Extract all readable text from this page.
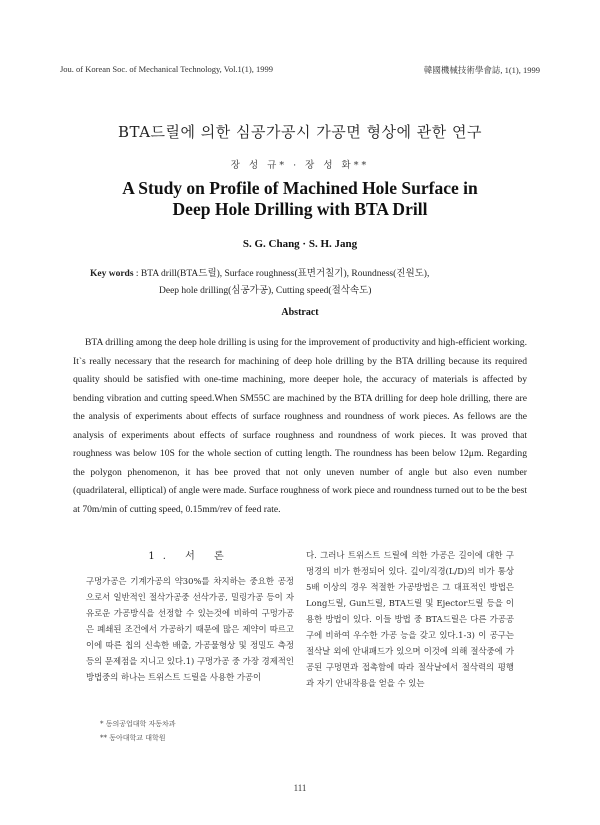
Jou. of Korean Soc. of Mechanical Technology, Vol.1(1), 1999	韓國機械技術學會誌, 1(1), 1999
BTA드릴에 의한 심공가공시 가공면 형상에 관한 연구
장 성 규* · 장 성 화**
A Study on Profile of Machined Hole Surface in
Deep Hole Drilling with BTA Drill
S. G. Chang · S. H. Jang
Key words : BTA drill(BTA드릴), Surface roughness(표면거칠기), Roundness(진원도),
Deep hole drilling(심공가공), Cutting speed(절삭속도)
Abstract

BTA drilling among the deep hole drilling is using for the improvement of productivity and high-efficient working. It`s really necessary that the research for machining of deep hole drilling by the BTA drilling because its required quality should be satisfied with one-time machining, more deeper hole, the accuracy of materials is affected by bending vibration and cutting speed.When SM55C are machined by the BTA drilling for deep hole drilling, there are the analysis of experiments about effects of surface roughness and roundness of work pieces. As fellows are the analysis of experiments about effects of surface roughness and roundness of work pieces. It was proved that roughness was below 10S for the whole section of cutting length. The roundness has been below 12μm. Regarding the polygon phenomenon, it has bee proved that not only uneven number of angle but also even number (quadrilateral, elliptical) of angle were made. Surface roughness of work piece and roundness turned out to be the best at 70m/min of cutting speed, 0.15mm/rev of feed rate.

1. 서 론

구멍가공은 기계가공의 약30%를 차지하는 중요한 공정으로서 일반적인 절삭가공중 선삭가공, 밀링가공 등이 자유로운 가공방식을 선정할 수 있는것에 비하여 구멍가공은 폐쇄된 조건에서 가공하기 때문에 많은 제약이 따르고 이에 따른 칩의 신속한 배출, 가공물형상 및 정밀도 측정등의 문제점을 지니고 있다.1) 구멍가공 중 가장 경제적인 방법중의 하나는 트위스트 드릴을 사용한 가공이

다. 그러나 트위스트 드릴에 의한 가공은 길이에 대한 구멍경의 비가 한정되어 있다. 깊이/직경(L/D)의 비가 통상 5배 이상의 경우 적절한 가공방법은 그 대표적인 방법은 Long드릴, Gun드릴, BTA드릴 및 Ejector드릴 등을 이용한 방법이 있다. 이들 방법 중 BTA드릴은 다른 가공공구에 비하여 우수한 가공 능을 갖고 있다.1-3) 이 공구는 절삭날 외에 안내패드가 있으며 이것에 의해 절삭중에 가공된 구멍면과 접촉함에 따라 절삭날에서 절삭력의 평행과 자기 안내작용을 얻을 수 있는

* 동의공업대학 자동차과
** 동아대학교 대학원
111
